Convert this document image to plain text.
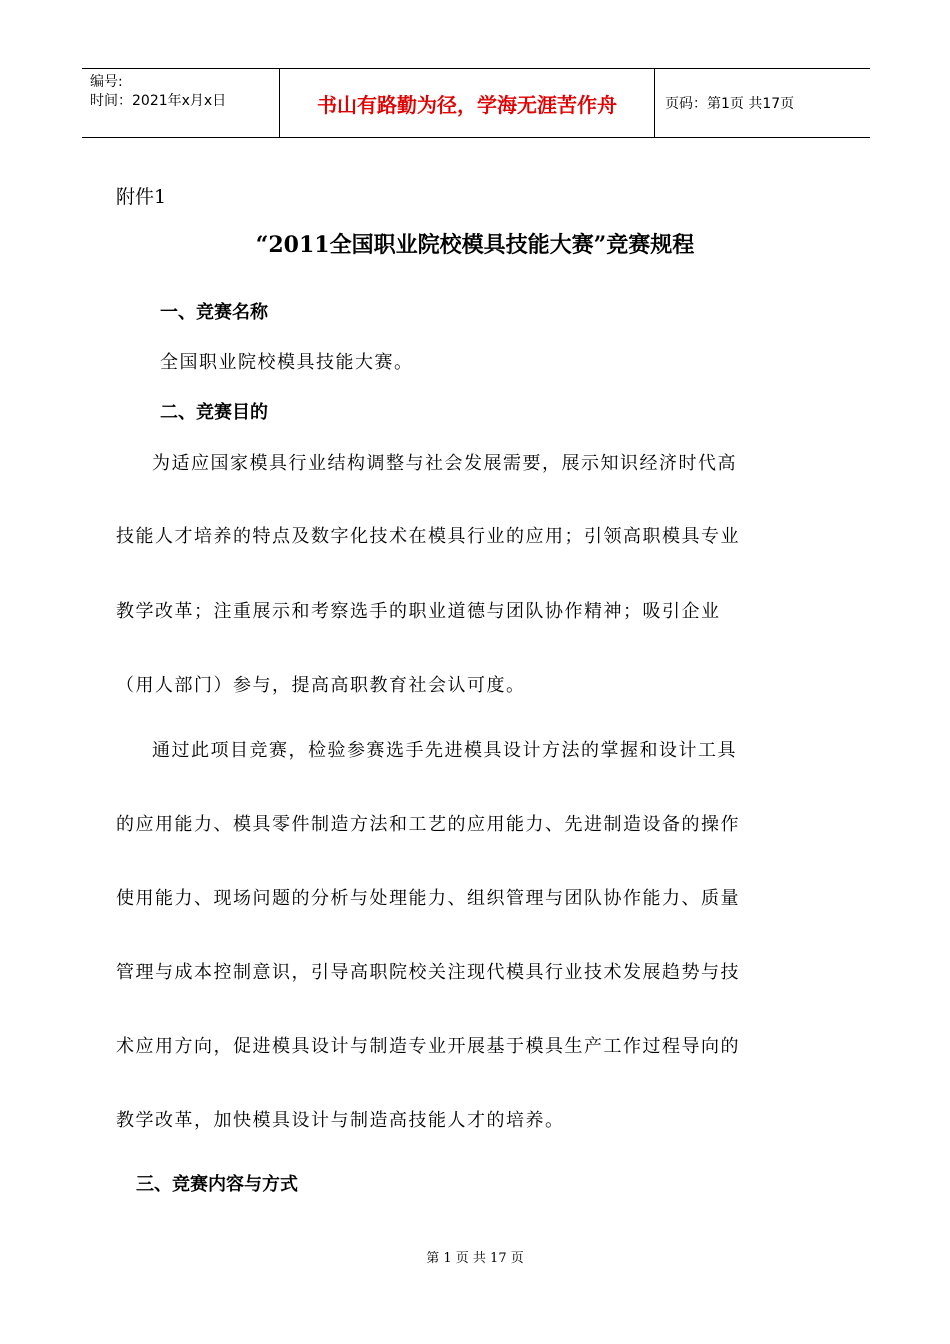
编号:
时间：2021年x月x日	书山有路勤为径，学海无涯苦作舟	页码：第1页 共17页
附件1
“2011全国职业院校模具技能大赛”竞赛规程
一、竞赛名称
全国职业院校模具技能大赛。
二、竞赛目的
为适应国家模具行业结构调整与社会发展需要，展示知识经济时代高
技能人才培养的特点及数字化技术在模具行业的应用；引领高职模具专业
教学改革；注重展示和考察选手的职业道德与团队协作精神；吸引企业
（用人部门）参与，提高高职教育社会认可度。
通过此项目竞赛，检验参赛选手先进模具设计方法的掌握和设计工具
的应用能力、模具零件制造方法和工艺的应用能力、先进制造设备的操作
使用能力、现场问题的分析与处理能力、组织管理与团队协作能力、质量
管理与成本控制意识，引导高职院校关注现代模具行业技术发展趋势与技
术应用方向，促进模具设计与制造专业开展基于模具生产工作过程导向的
教学改革，加快模具设计与制造高技能人才的培养。
三、竞赛内容与方式
第 1 页 共 17 页
